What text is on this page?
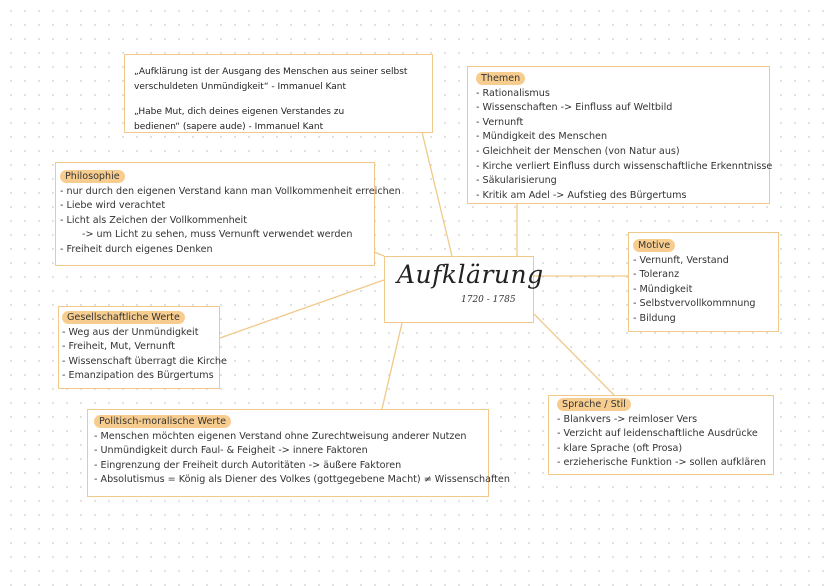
Aufklärung
1720 - 1785
„Aufklärung ist der Ausgang des Menschen aus seiner selbst
verschuldeten Unmündigkeit“ - Immanuel Kant
„Habe Mut, dich deines eigenen Verstandes zu
bedienen“ (sapere aude) - Immanuel Kant
Themen
- Rationalismus
- Wissenschaften -> Einfluss auf Weltbild
- Vernunft
- Mündigkeit des Menschen
- Gleichheit der Menschen (von Natur aus)
- Kirche verliert Einfluss durch wissenschaftliche Erkenntnisse
- Säkularisierung
- Kritik am Adel -> Aufstieg des Bürgertums
Philosophie
- nur durch den eigenen Verstand kann man Vollkommenheit erreichen
- Liebe wird verachtet
- Licht als Zeichen der Vollkommenheit
-> um Licht zu sehen, muss Vernunft verwendet werden
- Freiheit durch eigenes Denken	Motive
- Vernunft, Verstand
- Toleranz
- Mündigkeit
- Selbstvervollkommnung
- Bildung
Gesellschaftliche Werte
- Weg aus der Unmündigkeit
- Freiheit, Mut, Vernunft
- Wissenschaft überragt die Kirche
- Emanzipation des Bürgertums
Sprache / Stil
- Blankvers -> reimloser Vers
- Verzicht auf leidenschaftliche Ausdrücke
- klare Sprache (oft Prosa)
- erzieherische Funktion -> sollen aufklären
Politisch-moralische Werte
- Menschen möchten eigenen Verstand ohne Zurechtweisung anderer Nutzen
- Unmündigkeit durch Faul- & Feigheit -> innere Faktoren
- Eingrenzung der Freiheit durch Autoritäten -> äußere Faktoren
- Absolutismus = König als Diener des Volkes (gottgegebene Macht) ≠ Wissenschaften
